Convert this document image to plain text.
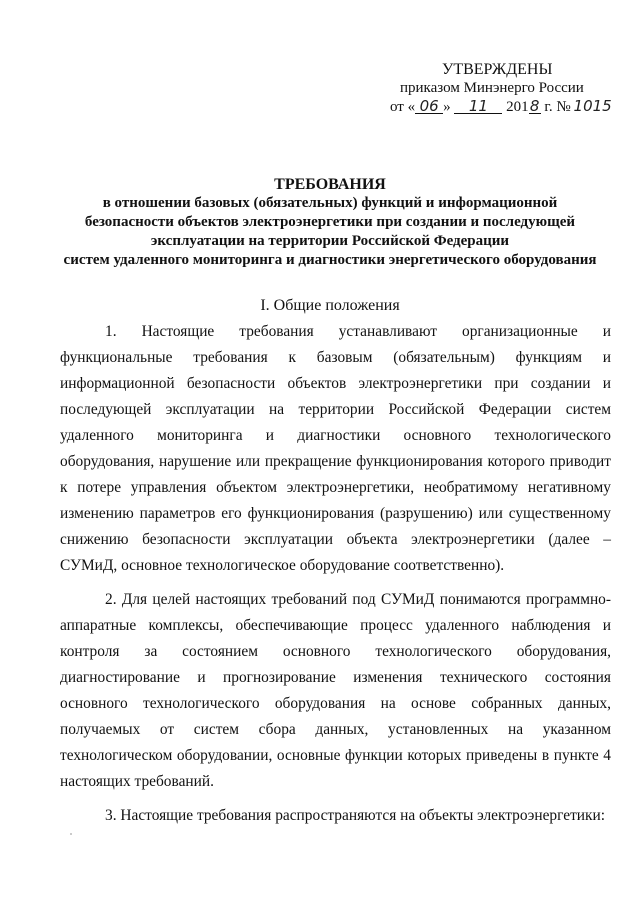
УТВЕРЖДЕНЫ
приказом Минэнерго России
от « 06 » 11 2018 г. № 1015
ТРЕБОВАНИЯ
в отношении базовых (обязательных) функций и информационной
безопасности объектов электроэнергетики при создании и последующей
эксплуатации на территории Российской Федерации
систем удаленного мониторинга и диагностики энергетического оборудования
I. Общие положения

1. Настоящие требования устанавливают организационные и функциональные требования к базовым (обязательным) функциям и информационной безопасности объектов электроэнергетики при создании и последующей эксплуатации на территории Российской Федерации систем удаленного мониторинга и диагностики основного технологического оборудования, нарушение или прекращение функционирования которого приводит к потере управления объектом электроэнергетики, необратимому негативному изменению параметров его функционирования (разрушению) или существенному снижению безопасности эксплуатации объекта электроэнергетики (далее – СУМиД, основное технологическое оборудование соответственно).

2. Для целей настоящих требований под СУМиД понимаются программно-аппаратные комплексы, обеспечивающие процесс удаленного наблюдения и контроля за состоянием основного технологического оборудования, диагностирование и прогнозирование изменения технического состояния основного технологического оборудования на основе собранных данных, получаемых от систем сбора данных, установленных на указанном технологическом оборудовании, основные функции которых приведены в пункте 4 настоящих требований.

3. Настоящие требования распространяются на объекты электроэнергетики:
